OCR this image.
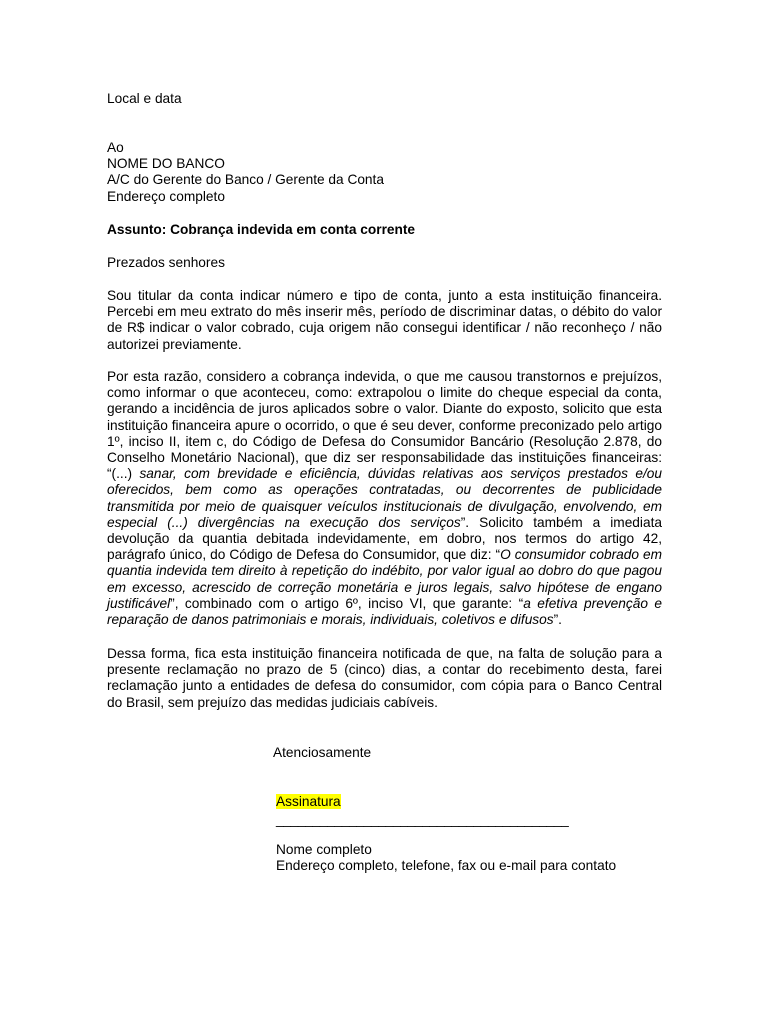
Local e data
Ao
NOME DO BANCO
A/C do Gerente do Banco / Gerente da Conta
Endereço completo
Assunto: Cobrança indevida em conta corrente
Prezados senhores
Sou titular da conta indicar número e tipo de conta, junto a esta instituição financeira. Percebi em meu extrato do mês inserir mês, período de discriminar datas, o débito do valor de R$ indicar o valor cobrado, cuja origem não consegui identificar / não reconheço / não autorizei previamente.
Por esta razão, considero a cobrança indevida, o que me causou transtornos e prejuízos, como informar o que aconteceu, como: extrapolou o limite do cheque especial da conta, gerando a incidência de juros aplicados sobre o valor. Diante do exposto, solicito que esta instituição financeira apure o ocorrido, o que é seu dever, conforme preconizado pelo artigo 1º, inciso II, item c, do Código de Defesa do Consumidor Bancário (Resolução 2.878, do Conselho Monetário Nacional), que diz ser responsabilidade das instituições financeiras: “(...) sanar, com brevidade e eficiência, dúvidas relativas aos serviços prestados e/ou oferecidos, bem como as operações contratadas, ou decorrentes de publicidade transmitida por meio de quaisquer veículos institucionais de divulgação, envolvendo, em especial (...) divergências na execução dos serviços”. Solicito também a imediata devolução da quantia debitada indevidamente, em dobro, nos termos do artigo 42, parágrafo único, do Código de Defesa do Consumidor, que diz: “O consumidor cobrado em quantia indevida tem direito à repetição do indébito, por valor igual ao dobro do que pagou em excesso, acrescido de correção monetária e juros legais, salvo hipótese de engano justificável”, combinado com o artigo 6º, inciso VI, que garante: “a efetiva prevenção e reparação de danos patrimoniais e morais, individuais, coletivos e difusos”.
Dessa forma, fica esta instituição financeira notificada de que, na falta de solução para a presente reclamação no prazo de 5 (cinco) dias, a contar do recebimento desta, farei reclamação junto a entidades de defesa do consumidor, com cópia para o Banco Central do Brasil, sem prejuízo das medidas judiciais cabíveis.
Atenciosamente
Assinatura
________________________________________
Nome completo
Endereço completo, telefone, fax ou e-mail para contato
